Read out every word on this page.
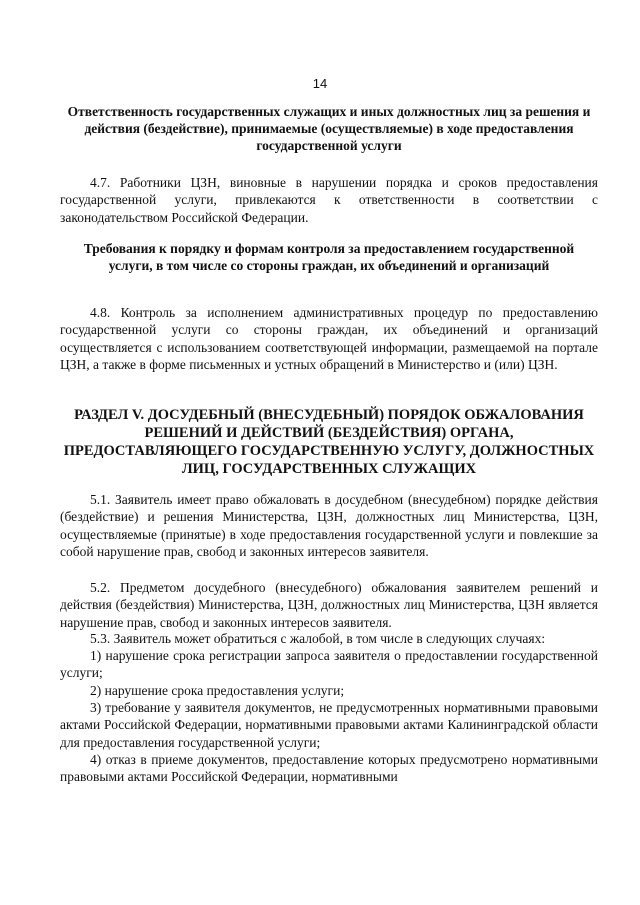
14
Ответственность государственных служащих и иных должностных лиц за решения и действия (бездействие), принимаемые (осуществляемые) в ходе предоставления государственной услуги

4.7. Работники ЦЗН, виновные в нарушении порядка и сроков предоставления государственной услуги, привлекаются к ответственности в соответствии с законодательством Российской Федерации.

Требования к порядку и формам контроля за предоставлением государственной услуги, в том числе со стороны граждан, их объединений и организаций

4.8. Контроль за исполнением административных процедур по предоставлению государственной услуги со стороны граждан, их объединений и организаций осуществляется с использованием соответствующей информации, размещаемой на портале ЦЗН, а также в форме письменных и устных обращений в Министерство и (или) ЦЗН.

РАЗДЕЛ V. ДОСУДЕБНЫЙ (ВНЕСУДЕБНЫЙ) ПОРЯДОК ОБЖАЛОВАНИЯ РЕШЕНИЙ И ДЕЙСТВИЙ (БЕЗДЕЙСТВИЯ) ОРГАНА, ПРЕДОСТАВЛЯЮЩЕГО ГОСУДАРСТВЕННУЮ УСЛУГУ, ДОЛЖНОСТНЫХ ЛИЦ, ГОСУДАРСТВЕННЫХ СЛУЖАЩИХ

5.1. Заявитель имеет право обжаловать в досудебном (внесудебном) порядке действия (бездействие) и решения Министерства, ЦЗН, должностных лиц Министерства, ЦЗН, осуществляемые (принятые) в ходе предоставления государственной услуги и повлекшие за собой нарушение прав, свобод и законных интересов заявителя.

5.2. Предметом досудебного (внесудебного) обжалования заявителем решений и действия (бездействия) Министерства, ЦЗН, должностных лиц Министерства, ЦЗН является нарушение прав, свобод и законных интересов заявителя.

5.3. Заявитель может обратиться с жалобой, в том числе в следующих случаях:

1) нарушение срока регистрации запроса заявителя о предоставлении государственной услуги;

2) нарушение срока предоставления услуги;

3) требование у заявителя документов, не предусмотренных нормативными правовыми актами Российской Федерации, нормативными правовыми актами Калининградской области для предоставления государственной услуги;

4) отказ в приеме документов, предоставление которых предусмотрено нормативными правовыми актами Российской Федерации, нормативными
